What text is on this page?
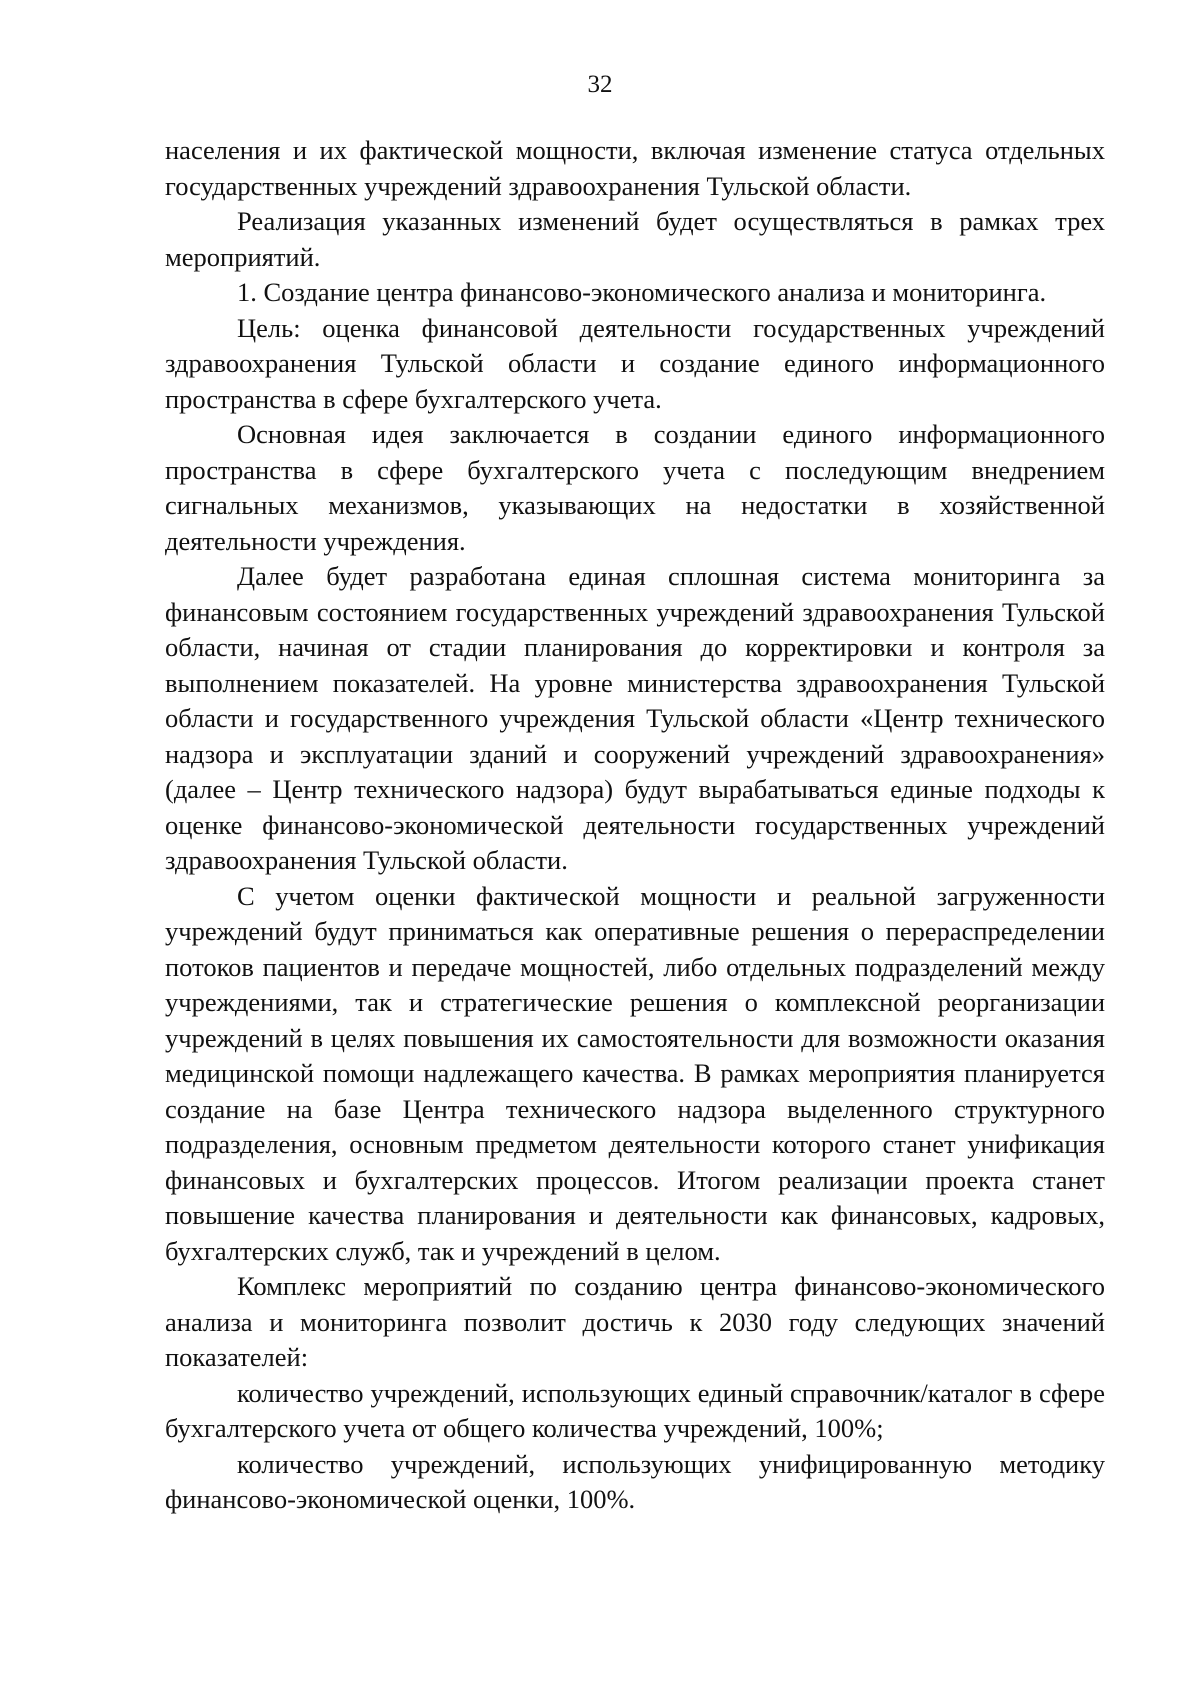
32

населения и их фактической мощности, включая изменение статуса отдельных государственных учреждений здравоохранения Тульской области.

Реализация указанных изменений будет осуществляться в рамках трех мероприятий.

1. Создание центра финансово-экономического анализа и мониторинга.

Цель: оценка финансовой деятельности государственных учреждений здравоохранения Тульской области и создание единого информационного пространства в сфере бухгалтерского учета.

Основная идея заключается в создании единого информационного пространства в сфере бухгалтерского учета с последующим внедрением сигнальных механизмов, указывающих на недостатки в хозяйственной деятельности учреждения.

Далее будет разработана единая сплошная система мониторинга за финансовым состоянием государственных учреждений здравоохранения Тульской области, начиная от стадии планирования до корректировки и контроля за выполнением показателей. На уровне министерства здравоохранения Тульской области и государственного учреждения Тульской области «Центр технического надзора и эксплуатации зданий и сооружений учреждений здравоохранения» (далее – Центр технического надзора) будут вырабатываться единые подходы к оценке финансово-экономической деятельности государственных учреждений здравоохранения Тульской области.

С учетом оценки фактической мощности и реальной загруженности учреждений будут приниматься как оперативные решения о перераспределении потоков пациентов и передаче мощностей, либо отдельных подразделений между учреждениями, так и стратегические решения о комплексной реорганизации учреждений в целях повышения их самостоятельности для возможности оказания медицинской помощи надлежащего качества. В рамках мероприятия планируется создание на базе Центра технического надзора выделенного структурного подразделения, основным предметом деятельности которого станет унификация финансовых и бухгалтерских процессов. Итогом реализации проекта станет повышение качества планирования и деятельности как финансовых, кадровых, бухгалтерских служб, так и учреждений в целом.

Комплекс мероприятий по созданию центра финансово-экономического анализа и мониторинга позволит достичь к 2030 году следующих значений показателей:

количество учреждений, использующих единый справочник/каталог в сфере бухгалтерского учета от общего количества учреждений, 100%;

количество учреждений, использующих унифицированную методику финансово-экономической оценки, 100%.
